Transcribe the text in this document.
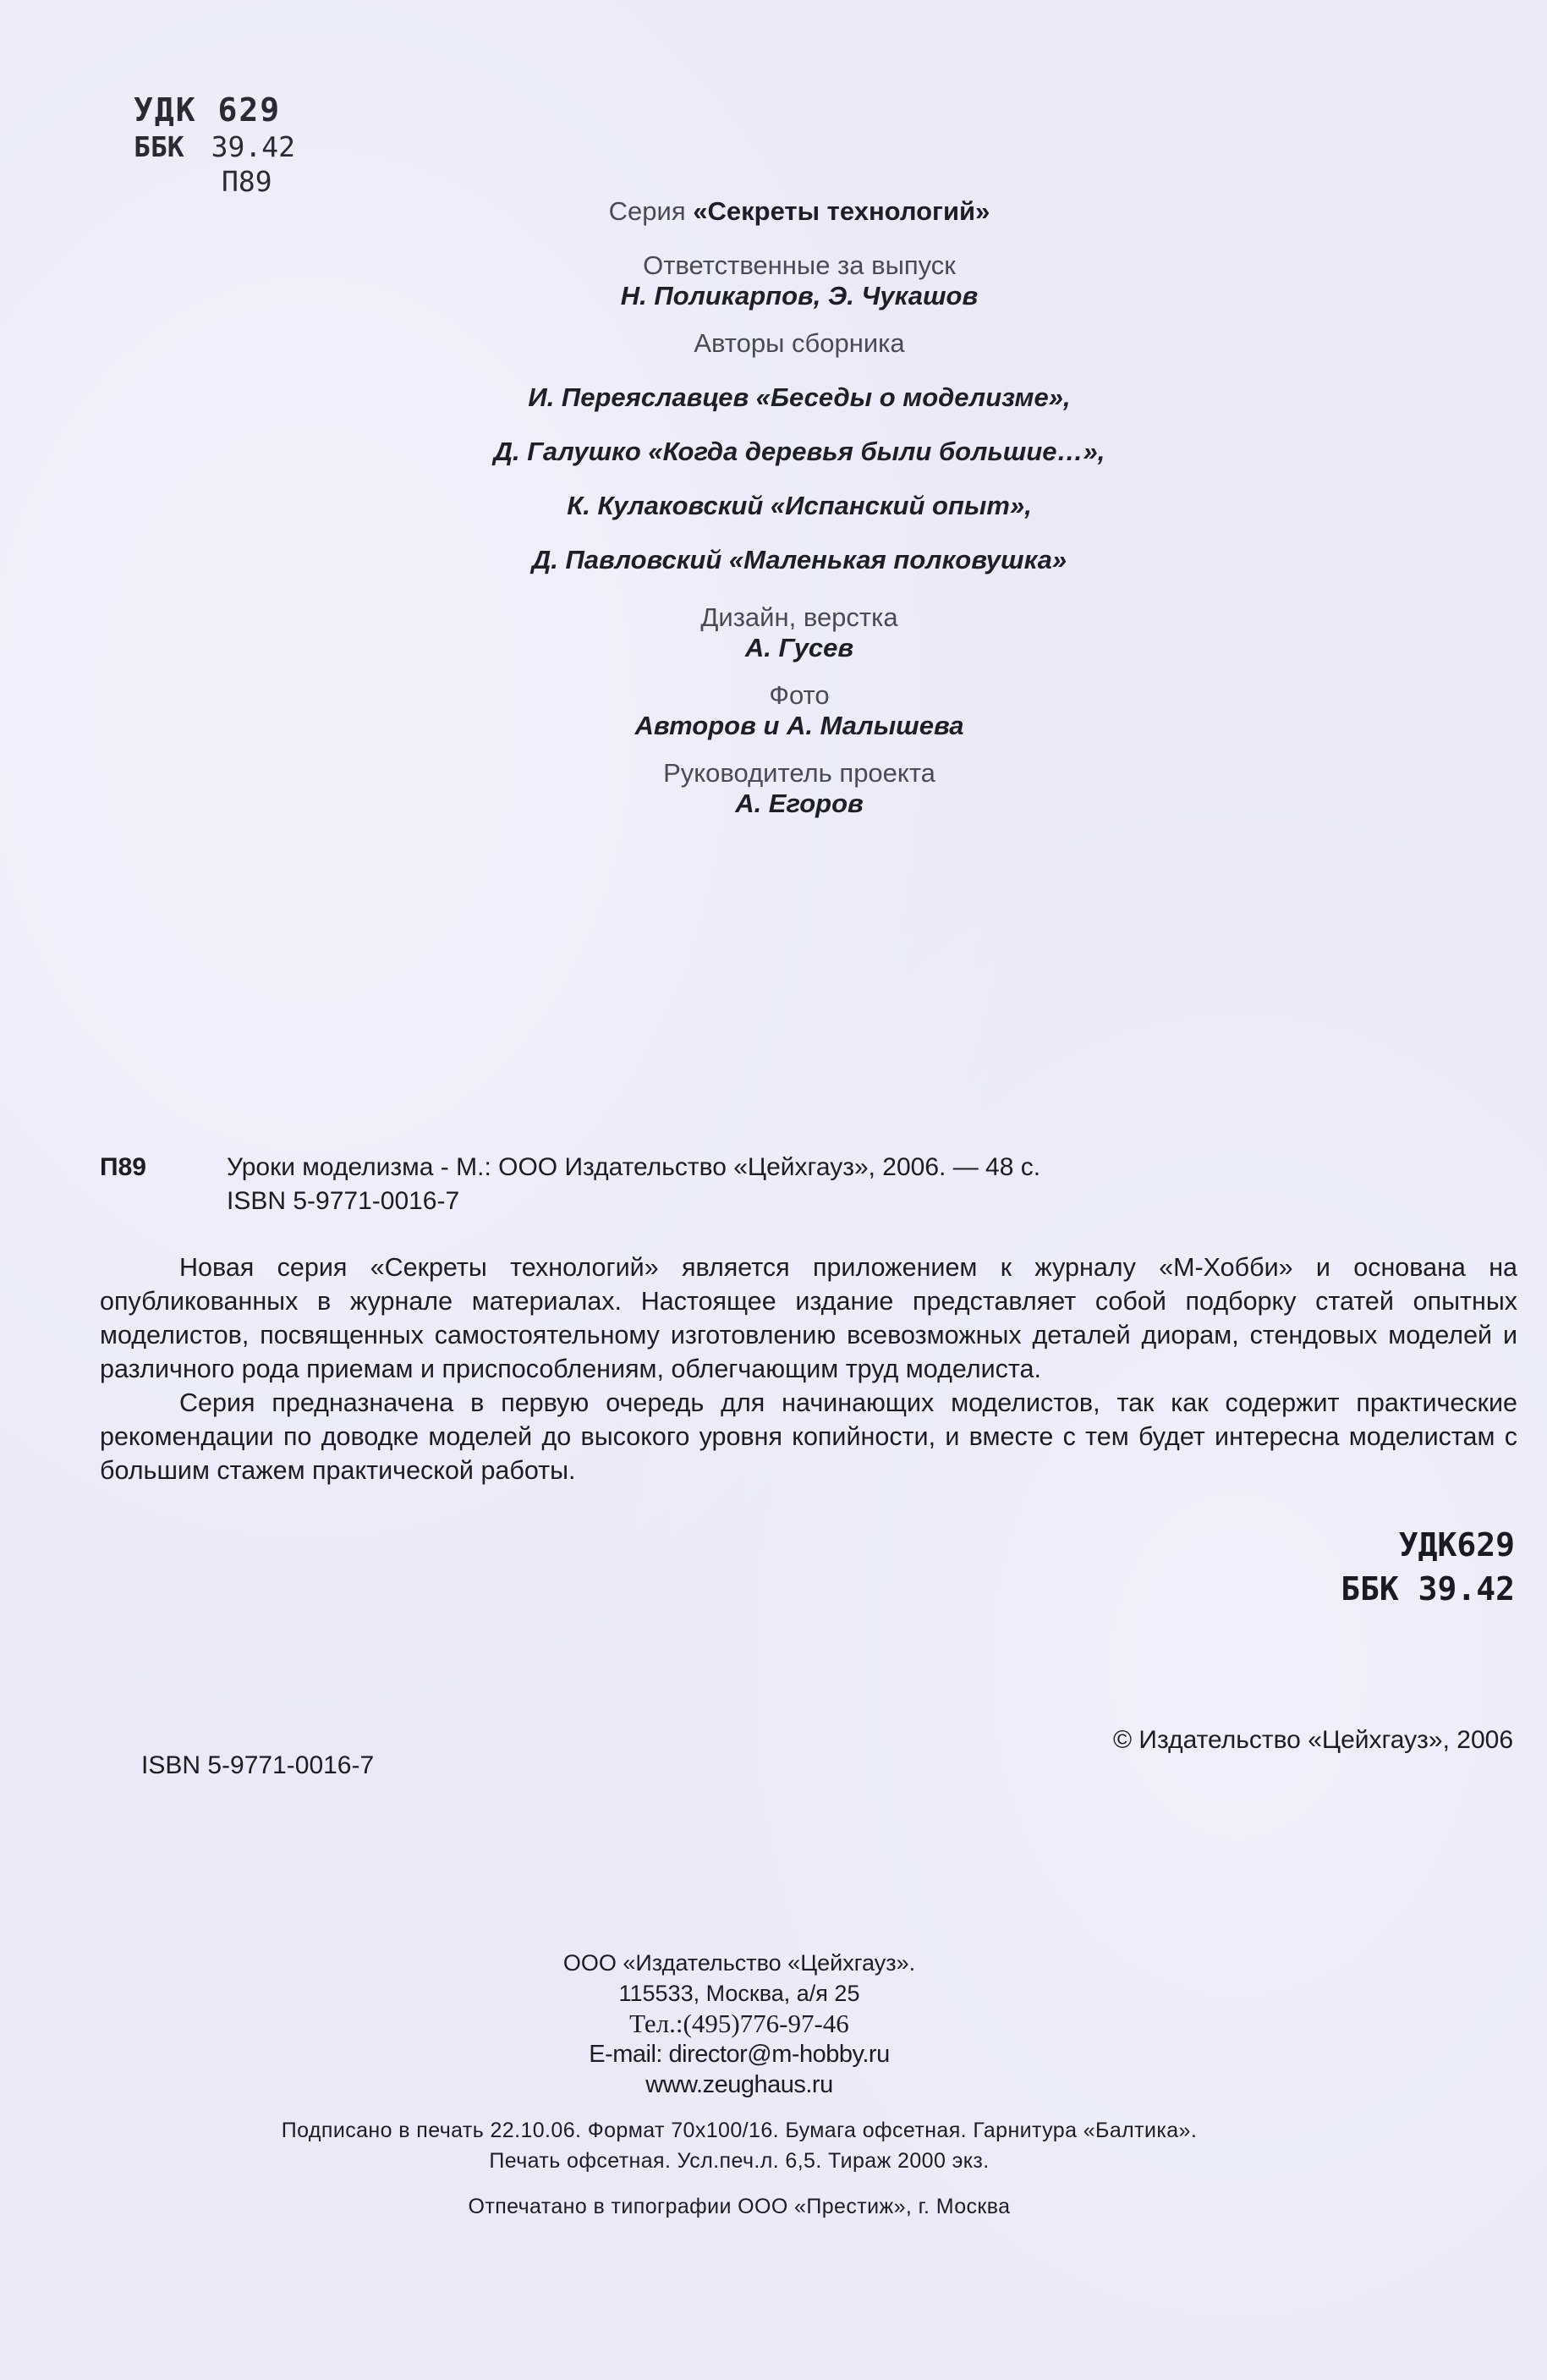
УДК 629
ББК 39.42
П89
Серия «Секреты технологий»
Ответственные за выпуск
Н. Поликарпов, Э. Чукашов
Авторы сборника
И. Переяславцев «Беседы о моделизме»,
Д. Галушко «Когда деревья были большие…»,
К. Кулаковский «Испанский опыт»,
Д. Павловский «Маленькая полковушка»
Дизайн, верстка
А. Гусев
Фото
Авторов и А. Малышева
Руководитель проекта
А. Егоров
П89	Уроки моделизма - М.: ООО Издательство «Цейхгауз», 2006. — 48 с.
ISBN 5-9771-0016-7

Новая серия «Секреты технологий» является приложением к журналу «М-Хобби» и основана на опубликованных в журнале материалах. Настоящее издание представляет собой подборку статей опытных моделистов, посвященных самостоятельному изготовлению всевозможных деталей диорам, стендовых моделей и различного рода приемам и приспособлениям, облегчающим труд моделиста.

Серия предназначена в первую очередь для начинающих моделистов, так как содержит практические рекомендации по доводке моделей до высокого уровня копийности, и вместе с тем будет интересна моделистам с большим стажем практической работы.

УДК629
ББК 39.42
© Издательство «Цейхгауз», 2006
ISBN 5-9771-0016-7
ООО «Издательство «Цейхгауз».
115533, Москва, а/я 25
Тел.:(495)776-97-46
E-mail: director@m-hobby.ru
www.zeughaus.ru
Подписано в печать 22.10.06. Формат 70x100/16. Бумага офсетная. Гарнитура «Балтика».
Печать офсетная. Усл.печ.л. 6,5. Тираж 2000 экз.
Отпечатано в типографии ООО «Престиж», г. Москва
